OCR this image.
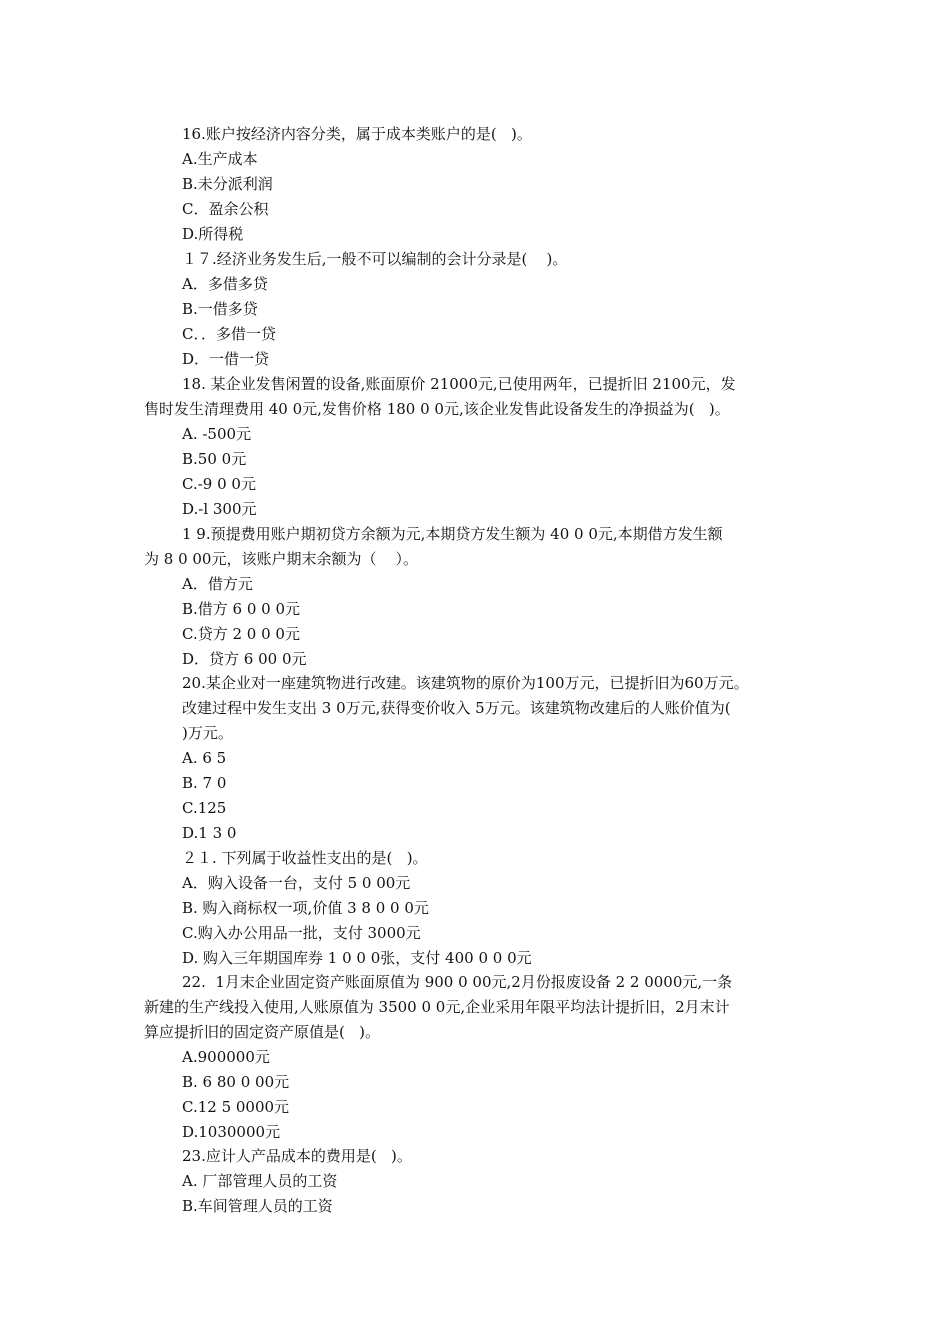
16.账户按经济内容分类，属于成本类账户的是(   )。
A.生产成本
B.未分派利润
C．盈余公积
D.所得税
１７.经济业务发生后,一般不可以编制的会计分录是(    )。
A．多借多贷
B.一借多贷
C．．多借一贷
D．一借一贷
18. 某企业发售闲置的设备,账面原价 21000元,已使用两年，已提折旧 2100元，发
售时发生清理费用 40 0元,发售价格 180 0 0元,该企业发售此设备发生的净损益为(   )。
A. -500元
B.50 0元
C.-9 0 0元
D.-l 300元
1 9.预提费用账户期初贷方余额为元,本期贷方发生额为 40 0 0元,本期借方发生额
为 8 0 00元，该账户期末余额为（    ）。
A．借方元
B.借方 6 0 0 0元
C.贷方 2 0 0 0元
D．贷方 6 00 0元
20.某企业对一座建筑物进行改建。该建筑物的原价为100万元，已提折旧为60万元。
改建过程中发生支出 3 0万元,获得变价收入 5万元。该建筑物改建后的人账价值为(
)万元。
A. 6 5
B. 7 0
C.125
D.1 3 0
２１. 下列属于收益性支出的是(   )。
A．购入设备一台，支付 5 0 00元
B. 购入商标权一项,价值 3 8 0 0 0元
C.购入办公用品一批，支付 3000元
D. 购入三年期国库券 1 0 0 0张，支付 400 0 0 0元
22.  1月末企业固定资产账面原值为 900 0 00元,2月份报废设备 2 2 0000元,一条
新建的生产线投入使用,人账原值为 3500 0 0元,企业采用年限平均法计提折旧，2月末计
算应提折旧的固定资产原值是(   )。
A.900000元
B. 6 80 0 00元
C.12 5 0000元
D.1030000元
23.应计人产品成本的费用是(   )。
A. 厂部管理人员的工资
B.车间管理人员的工资
